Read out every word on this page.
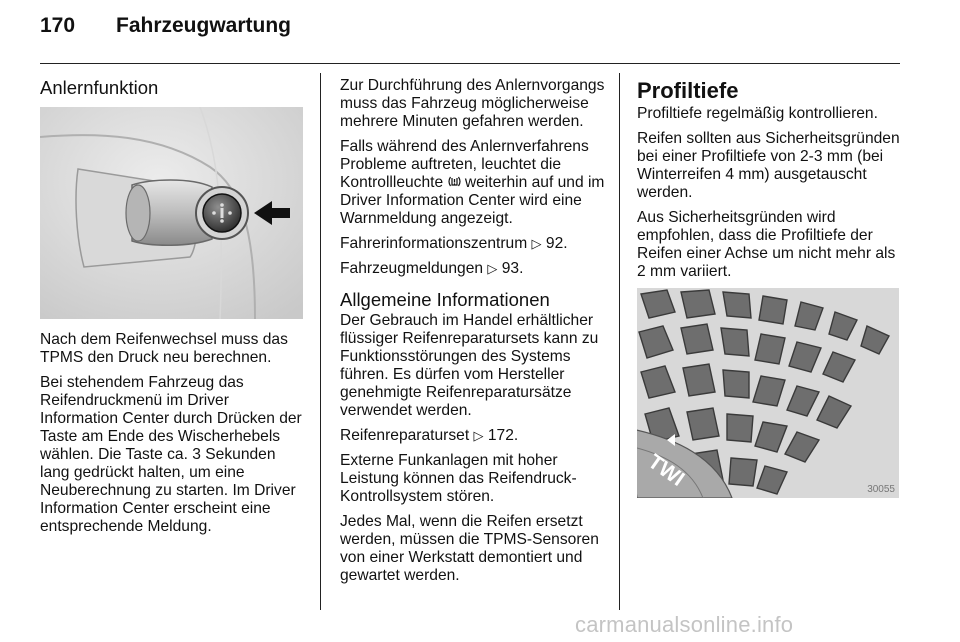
170 Fahrzeugwartung
Anlernfunktion

Nach dem Reifenwechsel muss das TPMS den Druck neu berechnen.

Bei stehendem Fahrzeug das Reifendruckmenü im Driver Information Center durch Drücken der Taste am Ende des Wischerhebels wählen. Die Taste ca. 3 Sekunden lang gedrückt halten, um eine Neuberechnung zu starten. Im Driver Information Center erscheint eine entsprechende Meldung.

Zur Durchführung des Anlernvorgangs muss das Fahrzeug möglicherweise mehrere Minuten gefahren werden.

Falls während des Anlernverfahrens Probleme auftreten, leuchtet die Kontrollleuchte weiterhin auf und im Driver Information Center wird eine Warnmeldung angezeigt.

Fahrerinformationszentrum ▷ 92.

Fahrzeugmeldungen ▷ 93.

Allgemeine Informationen

Der Gebrauch im Handel erhältlicher flüssiger Reifenreparatursets kann zu Funktionsstörungen des Systems führen. Es dürfen vom Hersteller genehmigte Reifenreparatursätze verwendet werden.

Reifenreparaturset ▷ 172.

Externe Funkanlagen mit hoher Leistung können das Reifendruck-Kontrollsystem stören.

Jedes Mal, wenn die Reifen ersetzt werden, müssen die TPMS-Sensoren von einer Werkstatt demontiert und gewartet werden.

Profiltiefe

Profiltiefe regelmäßig kontrollieren.

Reifen sollten aus Sicherheitsgründen bei einer Profiltiefe von 2-3 mm (bei Winterreifen 4 mm) ausgetauscht werden.

Aus Sicherheitsgründen wird empfohlen, dass die Profiltiefe der Reifen einer Achse um nicht mehr als 2 mm variiert.

TWI	30055
carmanualsonline.info
